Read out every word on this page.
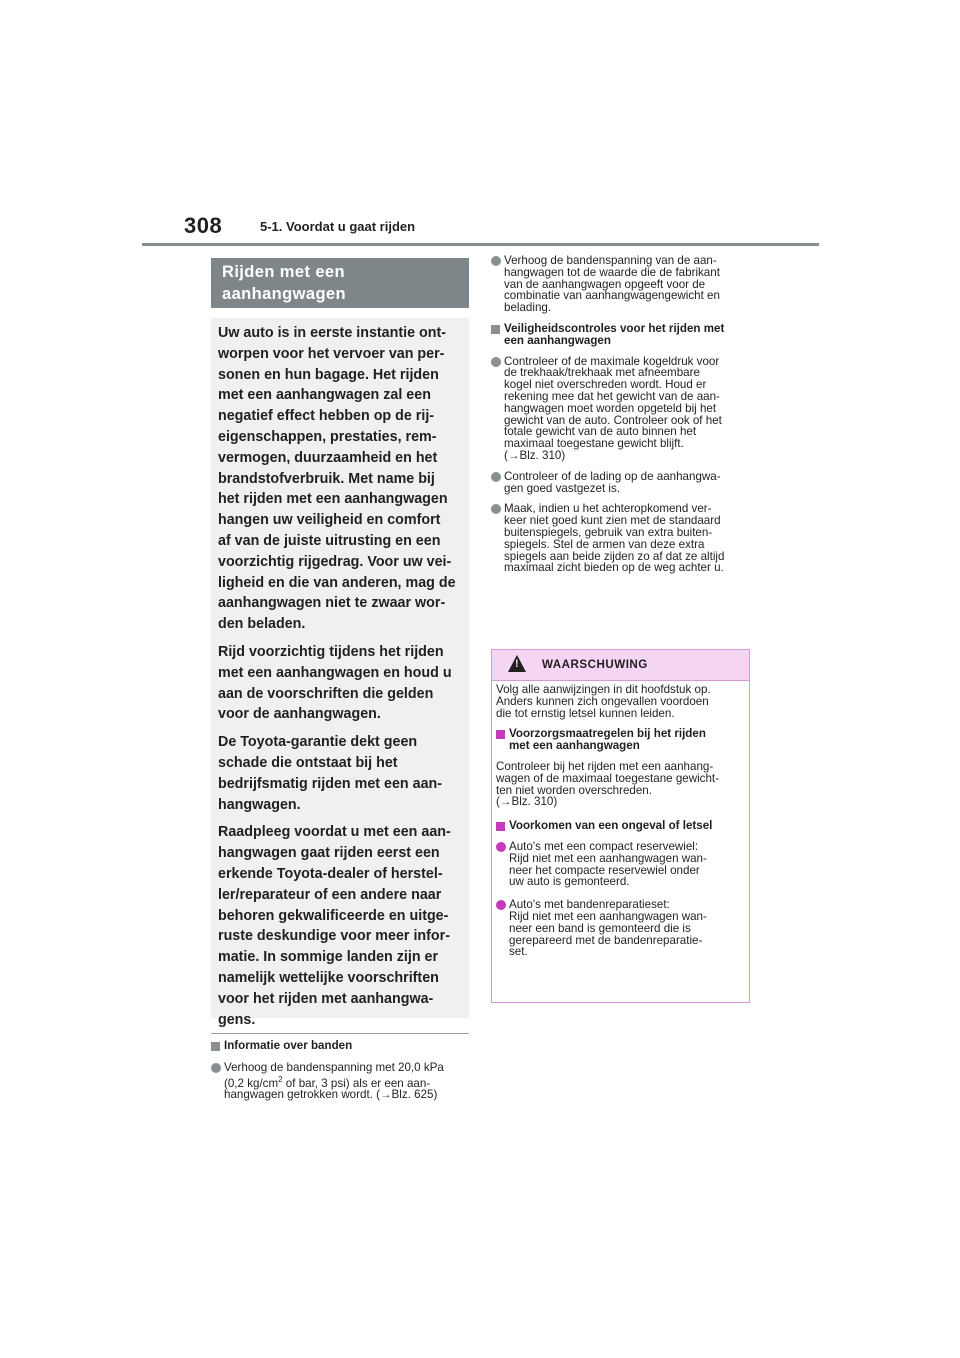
308	5-1. Voordat u gaat rijden
Rijden met een
aanhangwagen

Uw auto is in eerste instantie ont-
worpen voor het vervoer van per-
sonen en hun bagage. Het rijden
met een aanhangwagen zal een
negatief effect hebben op de rij-
eigenschappen, prestaties, rem-
vermogen, duurzaamheid en het
brandstofverbruik. Met name bij
het rijden met een aanhangwagen
hangen uw veiligheid en comfort
af van de juiste uitrusting en een
voorzichtig rijgedrag. Voor uw vei-
ligheid en die van anderen, mag de
aanhangwagen niet te zwaar wor-
den beladen.

Rijd voorzichtig tijdens het rijden
met een aanhangwagen en houd u
aan de voorschriften die gelden
voor de aanhangwagen.

De Toyota-garantie dekt geen
schade die ontstaat bij het
bedrijfsmatig rijden met een aan-
hangwagen.

Raadpleeg voordat u met een aan-
hangwagen gaat rijden eerst een
erkende Toyota-dealer of herstel-
ler/reparateur of een andere naar
behoren gekwalificeerde en uitge-
ruste deskundige voor meer infor-
matie. In sommige landen zijn er
namelijk wettelijke voorschriften
voor het rijden met aanhangwa-
gens.

Informatie over banden
Verhoog de bandenspanning met 20,0 kPa
(0,2 $kg/cm^2$ of bar, 3 psi) als er een aan-
hangwagen getrokken wordt. (→Blz. 625)
Verhoog de bandenspanning van de aan-
hangwagen tot de waarde die de fabrikant
van de aanhangwagen opgeeft voor de
combinatie van aanhangwagengewicht en
belading.
Veiligheidscontroles voor het rijden met
een aanhangwagen
Controleer of de maximale kogeldruk voor
de trekhaak/trekhaak met afneembare
kogel niet overschreden wordt. Houd er
rekening mee dat het gewicht van de aan-
hangwagen moet worden opgeteld bij het
gewicht van de auto. Controleer ook of het
totale gewicht van de auto binnen het
maximaal toegestane gewicht blijft.
(→Blz. 310)
Controleer of de lading op de aanhangwa-
gen goed vastgezet is.
Maak, indien u het achteropkomend ver-
keer niet goed kunt zien met de standaard
buitenspiegels, gebruik van extra buiten-
spiegels. Stel de armen van deze extra
spiegels aan beide zijden zo af dat ze altijd
maximaal zicht bieden op de weg achter u.
! WAARSCHUWING
Volg alle aanwijzingen in dit hoofdstuk op.
Anders kunnen zich ongevallen voordoen
die tot ernstig letsel kunnen leiden.
Voorzorgsmaatregelen bij het rijden
met een aanhangwagen
Controleer bij het rijden met een aanhang-
wagen of de maximaal toegestane gewicht-
ten niet worden overschreden.
(→Blz. 310)
Voorkomen van een ongeval of letsel
Auto's met een compact reservewiel:
Rijd niet met een aanhangwagen wan-
neer het compacte reservewiel onder
uw auto is gemonteerd.
Auto's met bandenreparatieset:
Rijd niet met een aanhangwagen wan-
neer een band is gemonteerd die is
gerepareerd met de bandenreparatie-
set.
